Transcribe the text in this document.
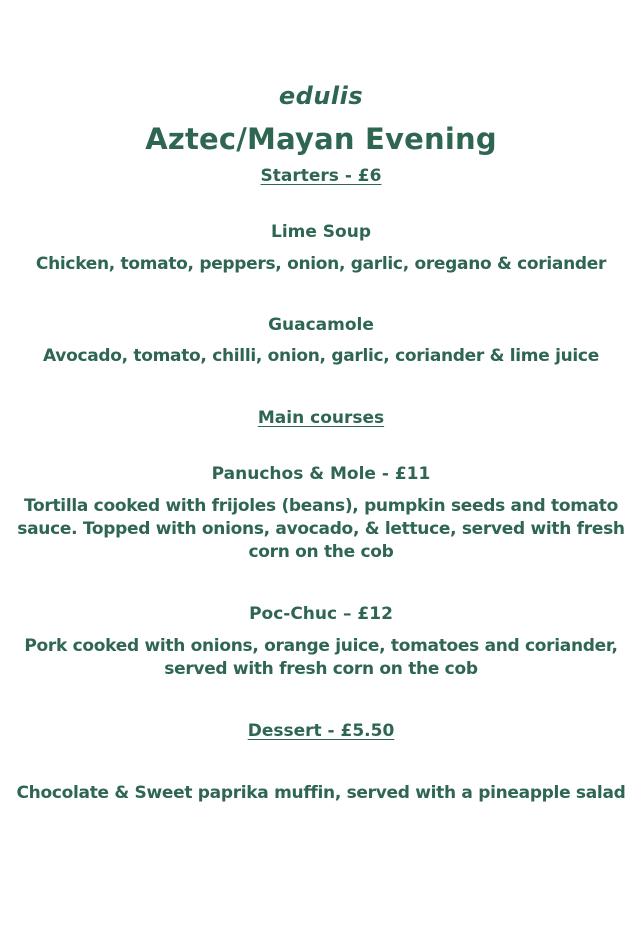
edulis

Aztec/Mayan Evening

Starters - £6

Lime Soup

Chicken, tomato, peppers, onion, garlic, oregano & coriander

Guacamole

Avocado, tomato, chilli, onion, garlic, coriander & lime juice

Main courses

Panuchos & Mole - £11

Tortilla cooked with frijoles (beans), pumpkin seeds and tomato sauce. Topped with onions, avocado, & lettuce, served with fresh corn on the cob

Poc-Chuc – £12

Pork cooked with onions, orange juice, tomatoes and coriander, served with fresh corn on the cob

Dessert - £5.50

Chocolate & Sweet paprika muffin, served with a pineapple salad
